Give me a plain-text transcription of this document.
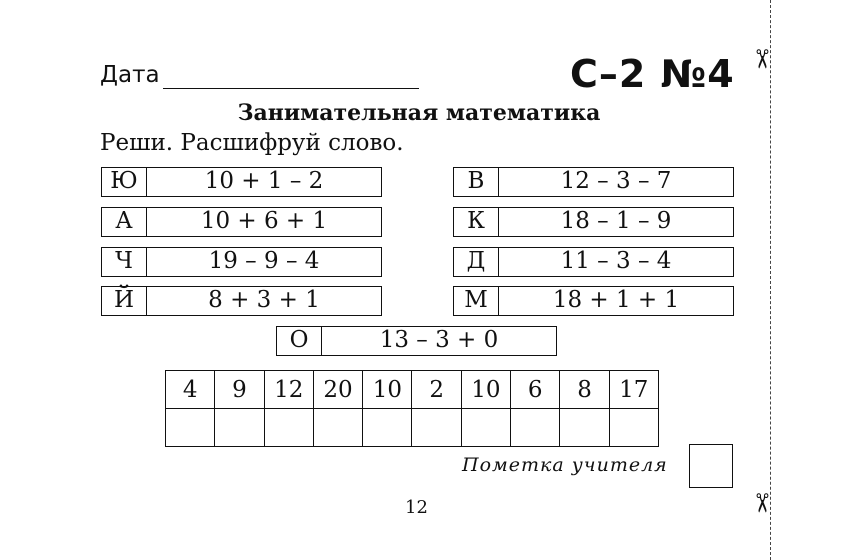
Дата	С–2 №4
Занимательная математика
Реши. Расшифруй слово.
Ю	10 + 1 – 2
А	10 + 6 + 1
Ч	19 – 9 – 4
Й	8 + 3 + 1
В	12 – 3 – 7
К	18 – 1 – 9
Д	11 – 3 – 4
М	18 + 1 + 1
О	13 – 3 + 0
4	9	12	20	10	2	10	6	8	17

Пометка учителя
12
✂
✂
